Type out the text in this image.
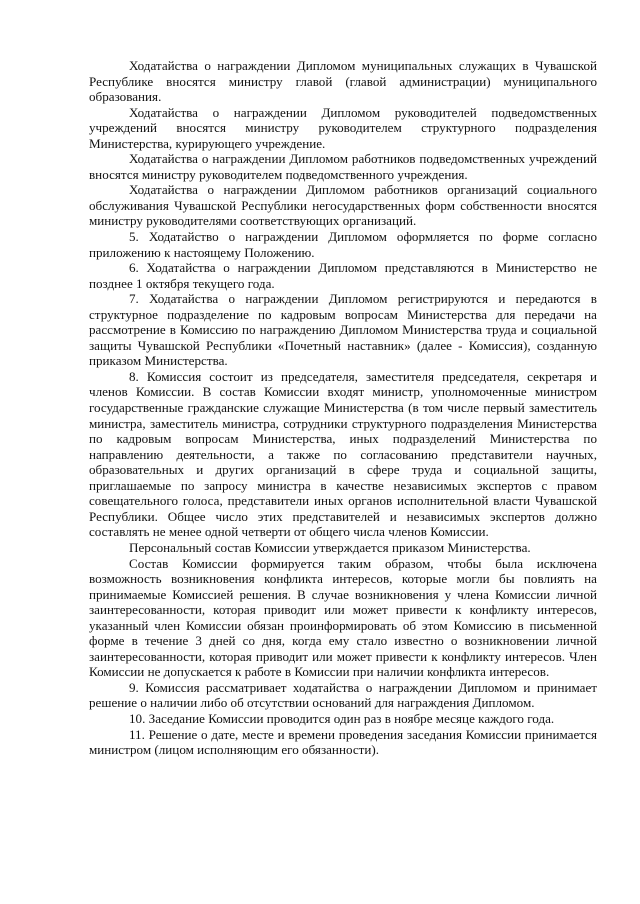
Ходатайства о награждении Дипломом муниципальных служащих в Чувашской Республике вносятся министру главой (главой администрации) муниципального образования.

Ходатайства о награждении Дипломом руководителей подведомственных учреждений вносятся министру руководителем структурного подразделения Министерства, курирующего учреждение.

Ходатайства о награждении Дипломом работников подведомственных учреждений вносятся министру руководителем подведомственного учреждения.

Ходатайства о награждении Дипломом работников организаций социального обслуживания Чувашской Республики негосударственных форм собственности вносятся министру руководителями соответствующих организаций.

5. Ходатайство о награждении Дипломом оформляется по форме согласно приложению к настоящему Положению.

6. Ходатайства о награждении Дипломом представляются в Министерство не позднее 1 октября текущего года.

7. Ходатайства о награждении Дипломом регистрируются и передаются в структурное подразделение по кадровым вопросам Министерства для передачи на рассмотрение в Комиссию по награждению Дипломом Министерства труда и социальной защиты Чувашской Республики «Почетный наставник» (далее - Комиссия), созданную приказом Министерства.

8. Комиссия состоит из председателя, заместителя председателя, секретаря и членов Комиссии. В состав Комиссии входят министр, уполномоченные министром государственные гражданские служащие Министерства (в том числе первый заместитель министра, заместитель министра, сотрудники структурного подразделения Министерства по кадровым вопросам Министерства, иных подразделений Министерства по направлению деятельности, а также по согласованию представители научных, образовательных и других организаций в сфере труда и социальной защиты, приглашаемые по запросу министра в качестве независимых экспертов с правом совещательного голоса, представители иных органов исполнительной власти Чувашской Республики. Общее число этих представителей и независимых экспертов должно составлять не менее одной четверти от общего числа членов Комиссии.

Персональный состав Комиссии утверждается приказом Министерства.

Состав Комиссии формируется таким образом, чтобы была исключена возможность возникновения конфликта интересов, которые могли бы повлиять на принимаемые Комиссией решения. В случае возникновения у члена Комиссии личной заинтересованности, которая приводит или может привести к конфликту интересов, указанный член Комиссии обязан проинформировать об этом Комиссию в письменной форме в течение 3 дней со дня, когда ему стало известно о возникновении личной заинтересованности, которая приводит или может привести к конфликту интересов. Член Комиссии не допускается к работе в Комиссии при наличии конфликта интересов.

9. Комиссия рассматривает ходатайства о награждении Дипломом и принимает решение о наличии либо об отсутствии оснований для награждения Дипломом.

10. Заседание Комиссии проводится один раз в ноябре месяце каждого года.

11. Решение о дате, месте и времени проведения заседания Комиссии принимается министром (лицом исполняющим его обязанности).
